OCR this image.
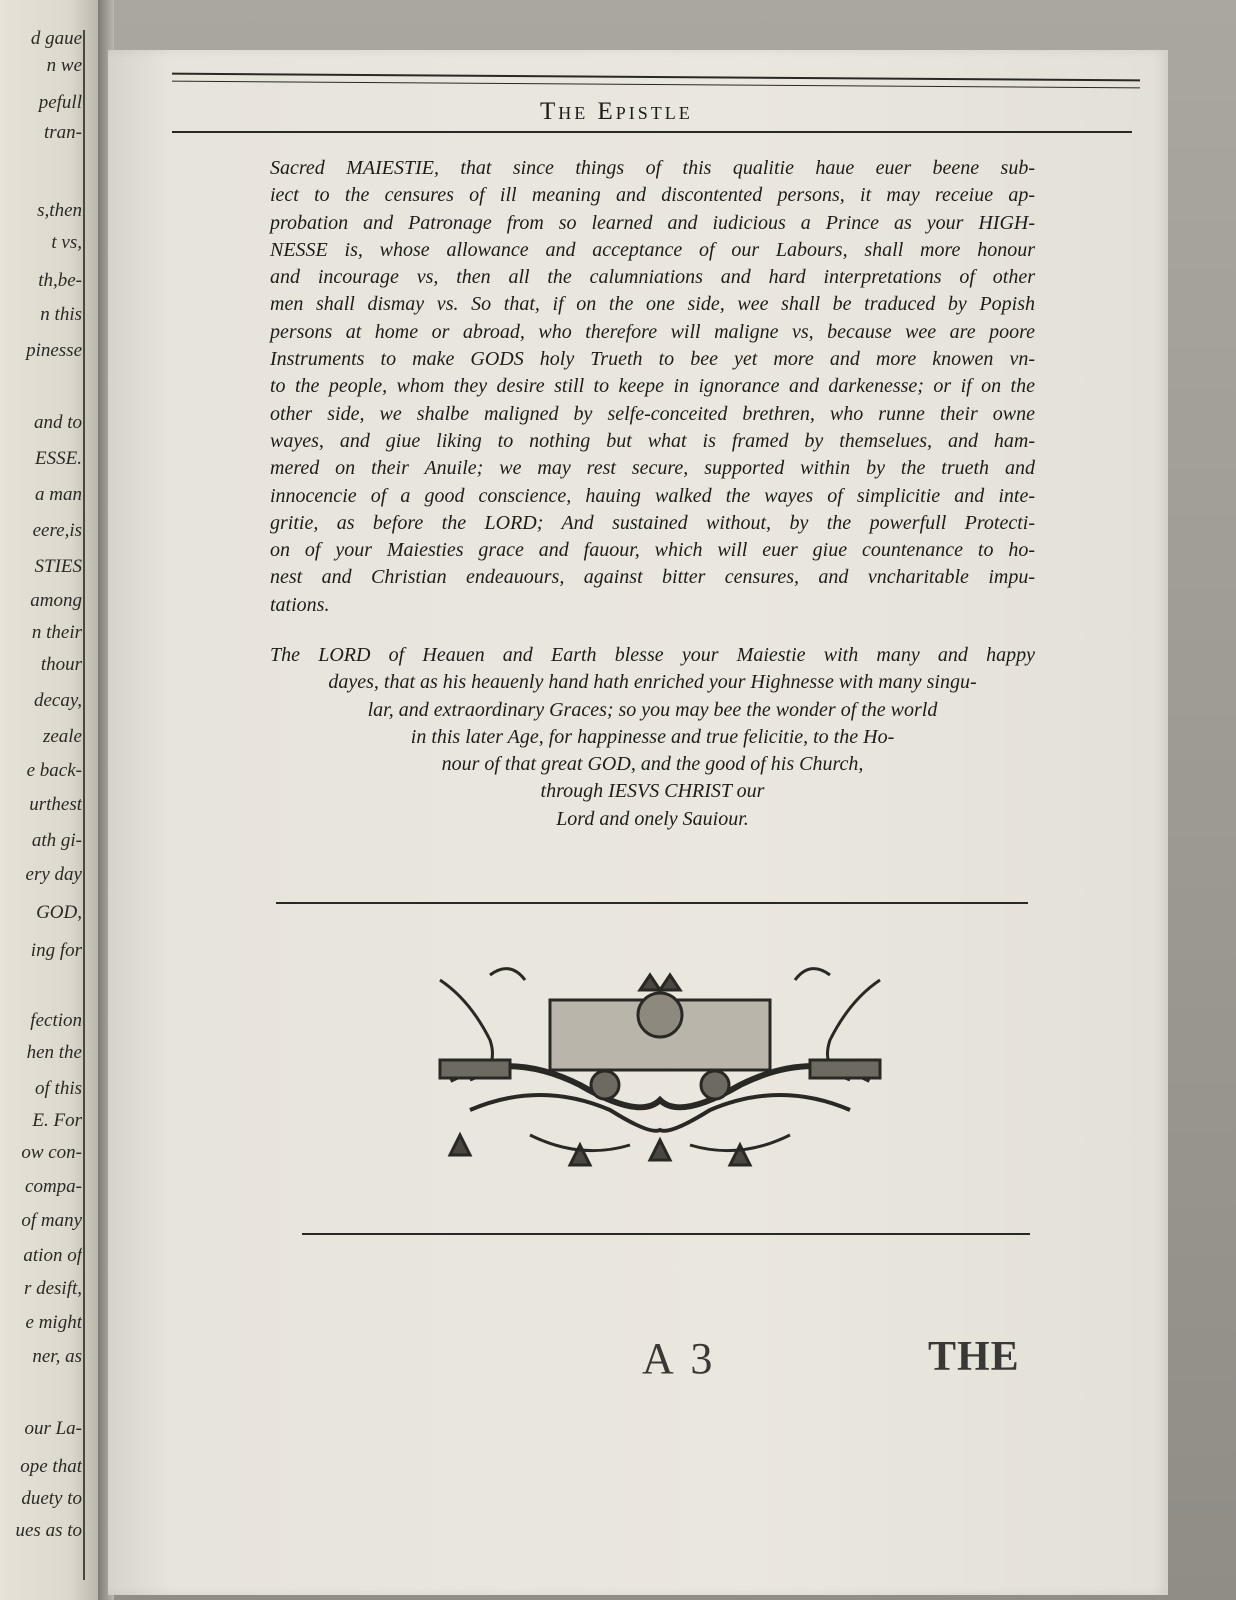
d gaue
n we
pefull
tran-
s,then
t vs,
th,be-
n this
pinesse
and to
ESSE.
a man
eere,is
STIES
among
n their
thour
decay,
zeale
e back-
urthest
ath gi-
ery day
GOD,
ing for
fection
hen the
of this
E. For
ow con-
compa-
of many
ation of
r desift,
e might
ner, as
our La-
ope that
duety to
ues as to
The Epistle
Sacred MAIESTIE, that since things of this qualitie haue euer beene sub-
iect to the censures of ill meaning and discontented persons, it may receiue ap-
probation and Patronage from so learned and iudicious a Prince as your HIGH-
NESSE is, whose allowance and acceptance of our Labours, shall more honour
and incourage vs, then all the calumniations and hard interpretations of other
men shall dismay vs. So that, if on the one side, wee shall be traduced by Popish
persons at home or abroad, who therefore will maligne vs, because wee are poore
Instruments to make GODS holy Trueth to bee yet more and more knowen vn-
to the people, whom they desire still to keepe in ignorance and darkenesse; or if on the
other side, we shalbe maligned by selfe-conceited brethren, who runne their owne
wayes, and giue liking to nothing but what is framed by themselues, and ham-
mered on their Anuile; we may rest secure, supported within by the trueth and
innocencie of a good conscience, hauing walked the wayes of simplicitie and inte-
gritie, as before the LORD; And sustained without, by the powerfull Protecti-
on of your Maiesties grace and fauour, which will euer giue countenance to ho-
nest and Christian endeauours, against bitter censures, and vncharitable impu-
tations.
The LORD of Heauen and Earth blesse your Maiestie with many and happy
dayes, that as his heauenly hand hath enriched your Highnesse with many singu-
lar, and extraordinary Graces; so you may bee the wonder of the world
in this later Age, for happinesse and true felicitie, to the Ho-
nour of that great GOD, and the good of his Church,
through IESVS CHRIST our
Lord and onely Sauiour.
A 3	THE
